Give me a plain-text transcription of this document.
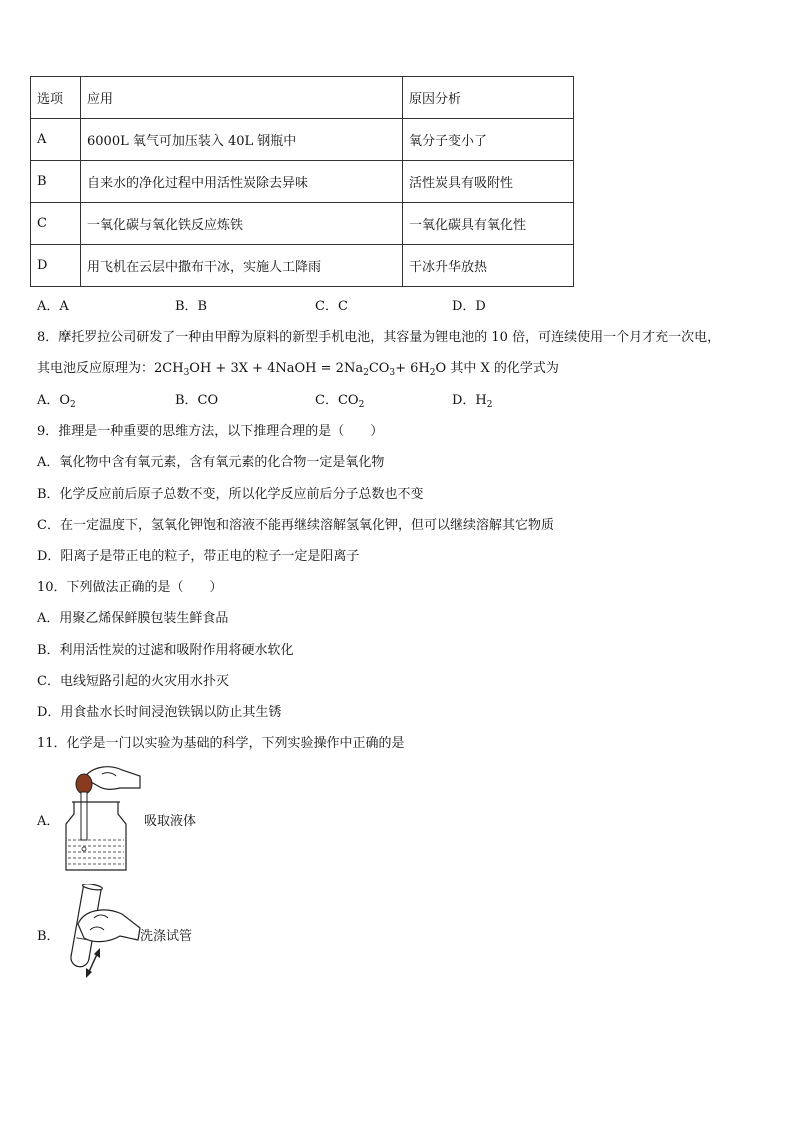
选项	应用	原因分析
A	6000L 氧气可加压装入 40L 钢瓶中	氧分子变小了
B	自来水的净化过程中用活性炭除去异味	活性炭具有吸附性
C	一氧化碳与氧化铁反应炼铁	一氧化碳具有氧化性
D	用飞机在云层中撒布干冰，实施人工降雨	干冰升华放热
A．A	B．B	C．C	D．D
8．摩托罗拉公司研发了一种由甲醇为原料的新型手机电池，其容量为锂电池的 10 倍，可连续使用一个月才充一次电，
其电池反应原理为：$2CH_3OH + 3X$ + 4NaOH = $2Na_2CO_3+ 6H_2O$ 其中 X 的化学式为
A．$O_2$	B．CO	C．$CO_2$	D．$H_2$
9．推理是一种重要的思维方法，以下推理合理的是（　　）
A．氧化物中含有氧元素，含有氧元素的化合物一定是氧化物
B．化学反应前后原子总数不变，所以化学反应前后分子总数也不变
C．在一定温度下，氢氧化钾饱和溶液不能再继续溶解氢氧化钾，但可以继续溶解其它物质
D．阳离子是带正电的粒子，带正电的粒子一定是阳离子
10．下列做法正确的是（　　）
A．用聚乙烯保鲜膜包装生鲜食品
B．利用活性炭的过滤和吸附作用将硬水软化
C．电线短路引起的火灾用水扑灭
D．用食盐水长时间浸泡铁锅以防止其生锈
11．化学是一门以实验为基础的科学，下列实验操作中正确的是
A．	吸取液体
B．	洗涤试管
